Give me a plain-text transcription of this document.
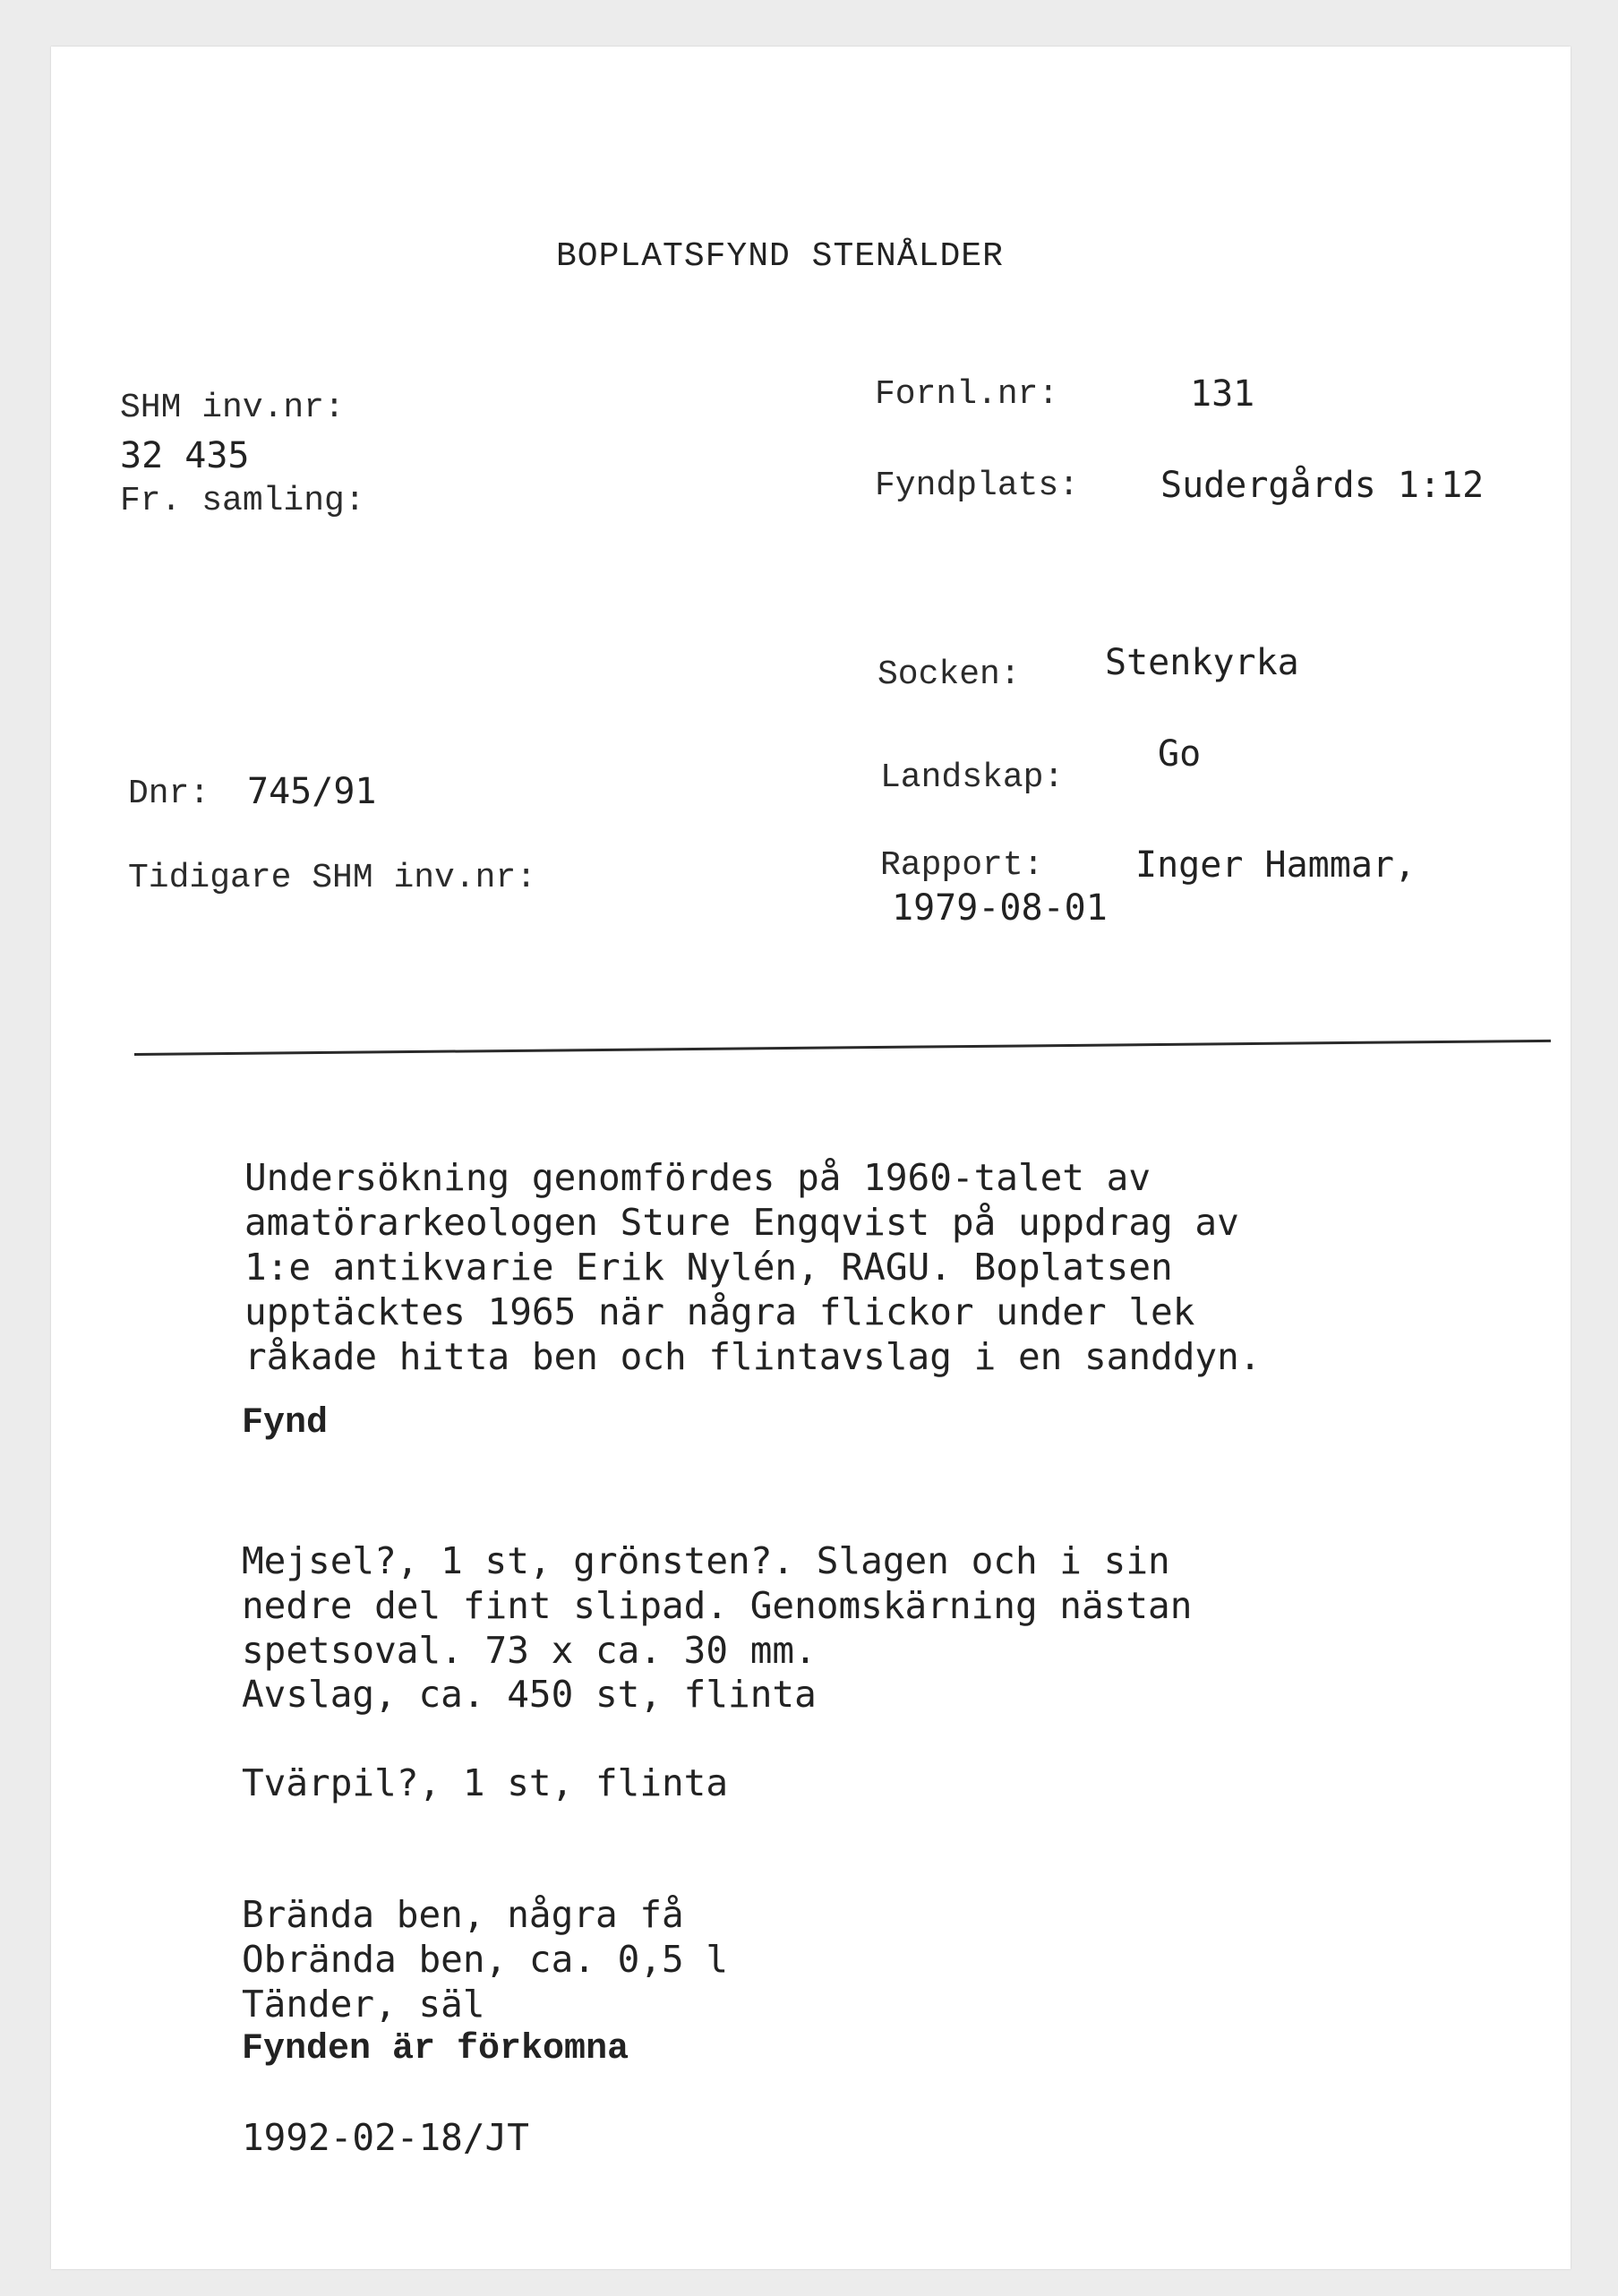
BOPLATSFYND STENÅLDER
SHM inv.nr:
32 435
Fr. samling:
Dnr: 745/91
Tidigare SHM inv.nr:
Fornl.nr:	131
Fyndplats: Sudergårds 1:12
Socken: Stenkyrka
Landskap:
Go
Rapport:	Inger Hammar,
1979-08-01

Undersökning genomfördes på 1960-talet av
amatörarkeologen Sture Engqvist på uppdrag av
1:e antikvarie Erik Nylén, RAGU. Boplatsen
upptäcktes 1965 när några flickor under lek
råkade hitta ben och flintavslag i en sanddyn.

Fynd

Mejsel?, 1 st, grönsten?. Slagen och i sin
nedre del fint slipad. Genomskärning nästan
spetsoval. 73 x ca. 30 mm.

Avslag, ca. 450 st, flinta
Tvärpil?, 1 st, flinta

Brända ben, några få
Obrända ben, ca. 0,5 l
Tänder, säl

Fynden är förkomna
1992-02-18/JT
